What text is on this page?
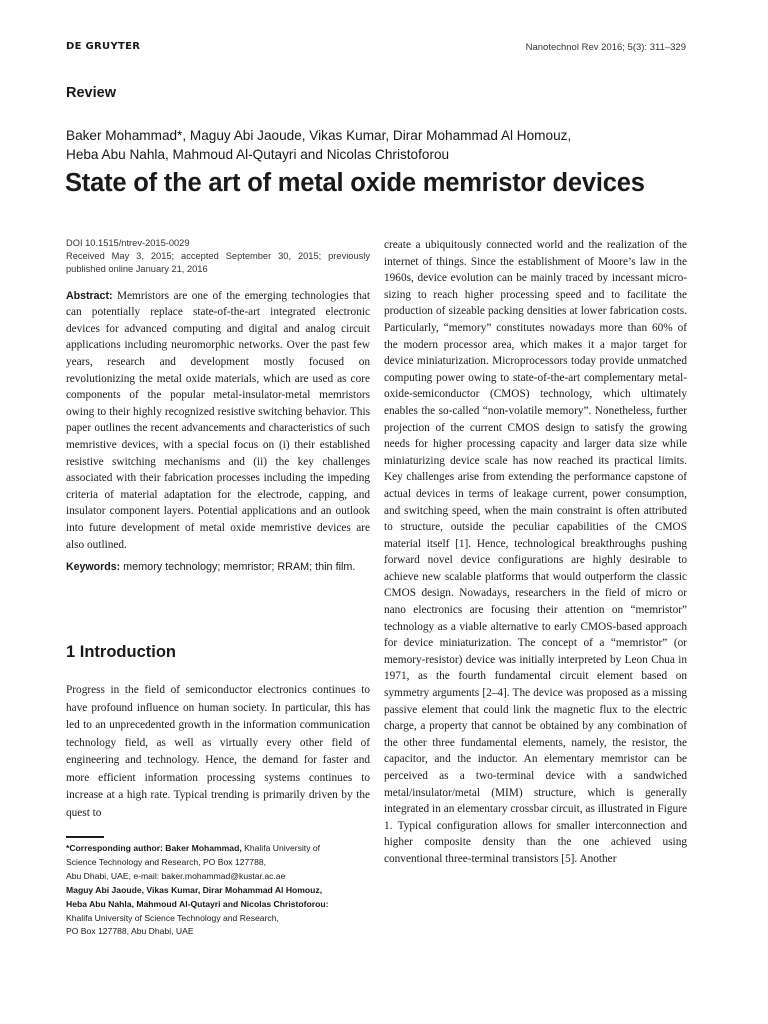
DE GRUYTER	Nanotechnol Rev 2016; 5(3): 311–329
Review
Baker Mohammad*, Maguy Abi Jaoude, Vikas Kumar, Dirar Mohammad Al Homouz,
Heba Abu Nahla, Mahmoud Al-Qutayri and Nicolas Christoforou
State of the art of metal oxide memristor devices
DOI 10.1515/ntrev-2015-0029
Received May 3, 2015; accepted September 30, 2015; previously published online January 21, 2016
Abstract: Memristors are one of the emerging technologies that can potentially replace state-of-the-art integrated electronic devices for advanced computing and digital and analog circuit applications including neuromorphic networks. Over the past few years, research and development mostly focused on revolutionizing the metal oxide materials, which are used as core components of the popular metal-insulator-metal memristors owing to their highly recognized resistive switching behavior. This paper outlines the recent advancements and characteristics of such memristive devices, with a special focus on (i) their established resistive switching mechanisms and (ii) the key challenges associated with their fabrication processes including the impeding criteria of material adaptation for the electrode, capping, and insulator component layers. Potential applications and an outlook into future development of metal oxide memristive devices are also outlined.
Keywords: memory technology; memristor; RRAM; thin film.
1 Introduction
Progress in the field of semiconductor electronics continues to have profound influence on human society. In particular, this has led to an unprecedented growth in the information communication technology field, as well as virtually every other field of engineering and technology. Hence, the demand for faster and more efficient information processing systems continues to increase at a high rate. Typical trending is primarily driven by the quest to
*Corresponding author: Baker Mohammad, Khalifa University of
Science Technology and Research, PO Box 127788,
Abu Dhabi, UAE, e-mail: baker.mohammad@kustar.ac.ae
Maguy Abi Jaoude, Vikas Kumar, Dirar Mohammad Al Homouz,
Heba Abu Nahla, Mahmoud Al-Qutayri and Nicolas Christoforou:
Khalifa University of Science Technology and Research,
PO Box 127788, Abu Dhabi, UAE
create a ubiquitously connected world and the realization of the internet of things. Since the establishment of Moore’s law in the 1960s, device evolution can be mainly traced by incessant micro-sizing to reach higher processing speed and to facilitate the production of sizeable packing densities at lower fabrication costs. Particularly, “memory” constitutes nowadays more than 60% of the modern processor area, which makes it a major target for device miniaturization. Microprocessors today provide unmatched computing power owing to state-of-the-art complementary metal-oxide-semiconductor (CMOS) technology, which ultimately enables the so-called “non-volatile memory”. Nonetheless, further projection of the current CMOS design to satisfy the growing needs for higher processing capacity and larger data size while miniaturizing device scale has now reached its practical limits. Key challenges arise from extending the performance capstone of actual devices in terms of leakage current, power consumption, and switching speed, when the main constraint is often attributed to structure, outside the peculiar capabilities of the CMOS material itself [1]. Hence, technological breakthroughs pushing forward novel device configurations are highly desirable to achieve new scalable platforms that would outperform the classic CMOS design. Nowadays, researchers in the field of micro or nano electronics are focusing their attention on “memristor” technology as a viable alternative to early CMOS-based approach for device miniaturization. The concept of a “memristor” (or memory-resistor) device was initially interpreted by Leon Chua in 1971, as the fourth fundamental circuit element based on symmetry arguments [2–4]. The device was proposed as a missing passive element that could link the magnetic flux to the electric charge, a property that cannot be obtained by any combination of the other three fundamental elements, namely, the resistor, the capacitor, and the inductor. An elementary memristor can be perceived as a two-terminal device with a sandwiched metal/insulator/metal (MIM) structure, which is generally integrated in an elementary crossbar circuit, as illustrated in Figure 1. Typical configuration allows for smaller interconnection and higher composite density than the one achieved using conventional three-terminal transistors [5]. Another
